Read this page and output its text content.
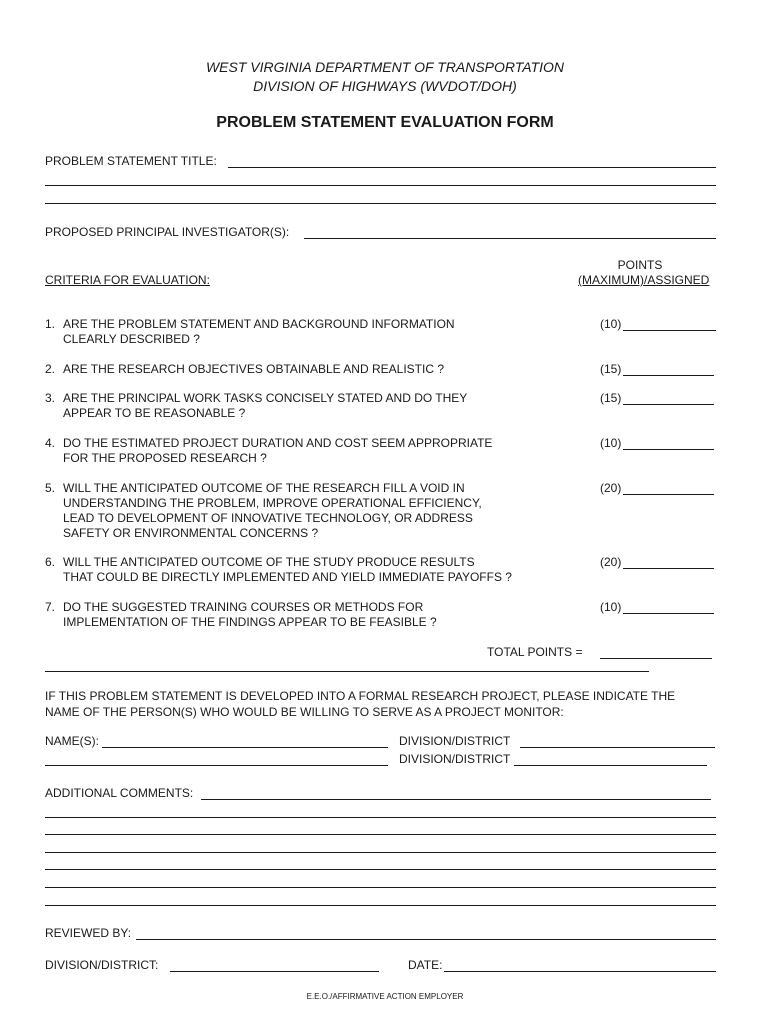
WEST VIRGINIA DEPARTMENT OF TRANSPORTATION
DIVISION OF HIGHWAYS (WVDOT/DOH)
PROBLEM STATEMENT EVALUATION FORM
PROBLEM STATEMENT TITLE:
PROPOSED PRINCIPAL INVESTIGATOR(S):
POINTS
(MAXIMUM)/ASSIGNED
CRITERIA FOR EVALUATION:
1. ARE THE PROBLEM STATEMENT AND BACKGROUND INFORMATION
CLEARLY DESCRIBED ?
(10)
2. ARE THE RESEARCH OBJECTIVES OBTAINABLE AND REALISTIC ?	(15)
3. ARE THE PRINCIPAL WORK TASKS CONCISELY STATED AND DO THEY
APPEAR TO BE REASONABLE ?
(15)
4. DO THE ESTIMATED PROJECT DURATION AND COST SEEM APPROPRIATE
FOR THE PROPOSED RESEARCH ?
(10)
5. WILL THE ANTICIPATED OUTCOME OF THE RESEARCH FILL A VOID IN
UNDERSTANDING THE PROBLEM, IMPROVE OPERATIONAL EFFICIENCY,
LEAD TO DEVELOPMENT OF INNOVATIVE TECHNOLOGY, OR ADDRESS
SAFETY OR ENVIRONMENTAL CONCERNS ?
(20)
6. WILL THE ANTICIPATED OUTCOME OF THE STUDY PRODUCE RESULTS
THAT COULD BE DIRECTLY IMPLEMENTED AND YIELD IMMEDIATE PAYOFFS ?
(20)
7. DO THE SUGGESTED TRAINING COURSES OR METHODS FOR
IMPLEMENTATION OF THE FINDINGS APPEAR TO BE FEASIBLE ?
(10)
TOTAL POINTS =
IF THIS PROBLEM STATEMENT IS DEVELOPED INTO A FORMAL RESEARCH PROJECT, PLEASE INDICATE THE
NAME OF THE PERSON(S) WHO WOULD BE WILLING TO SERVE AS A PROJECT MONITOR:
NAME(S):	DIVISION/DISTRICT
DIVISION/DISTRICT
ADDITIONAL COMMENTS:
REVIEWED BY:
DIVISION/DISTRICT:	DATE:
E.E.O./AFFIRMATIVE ACTION EMPLOYER
